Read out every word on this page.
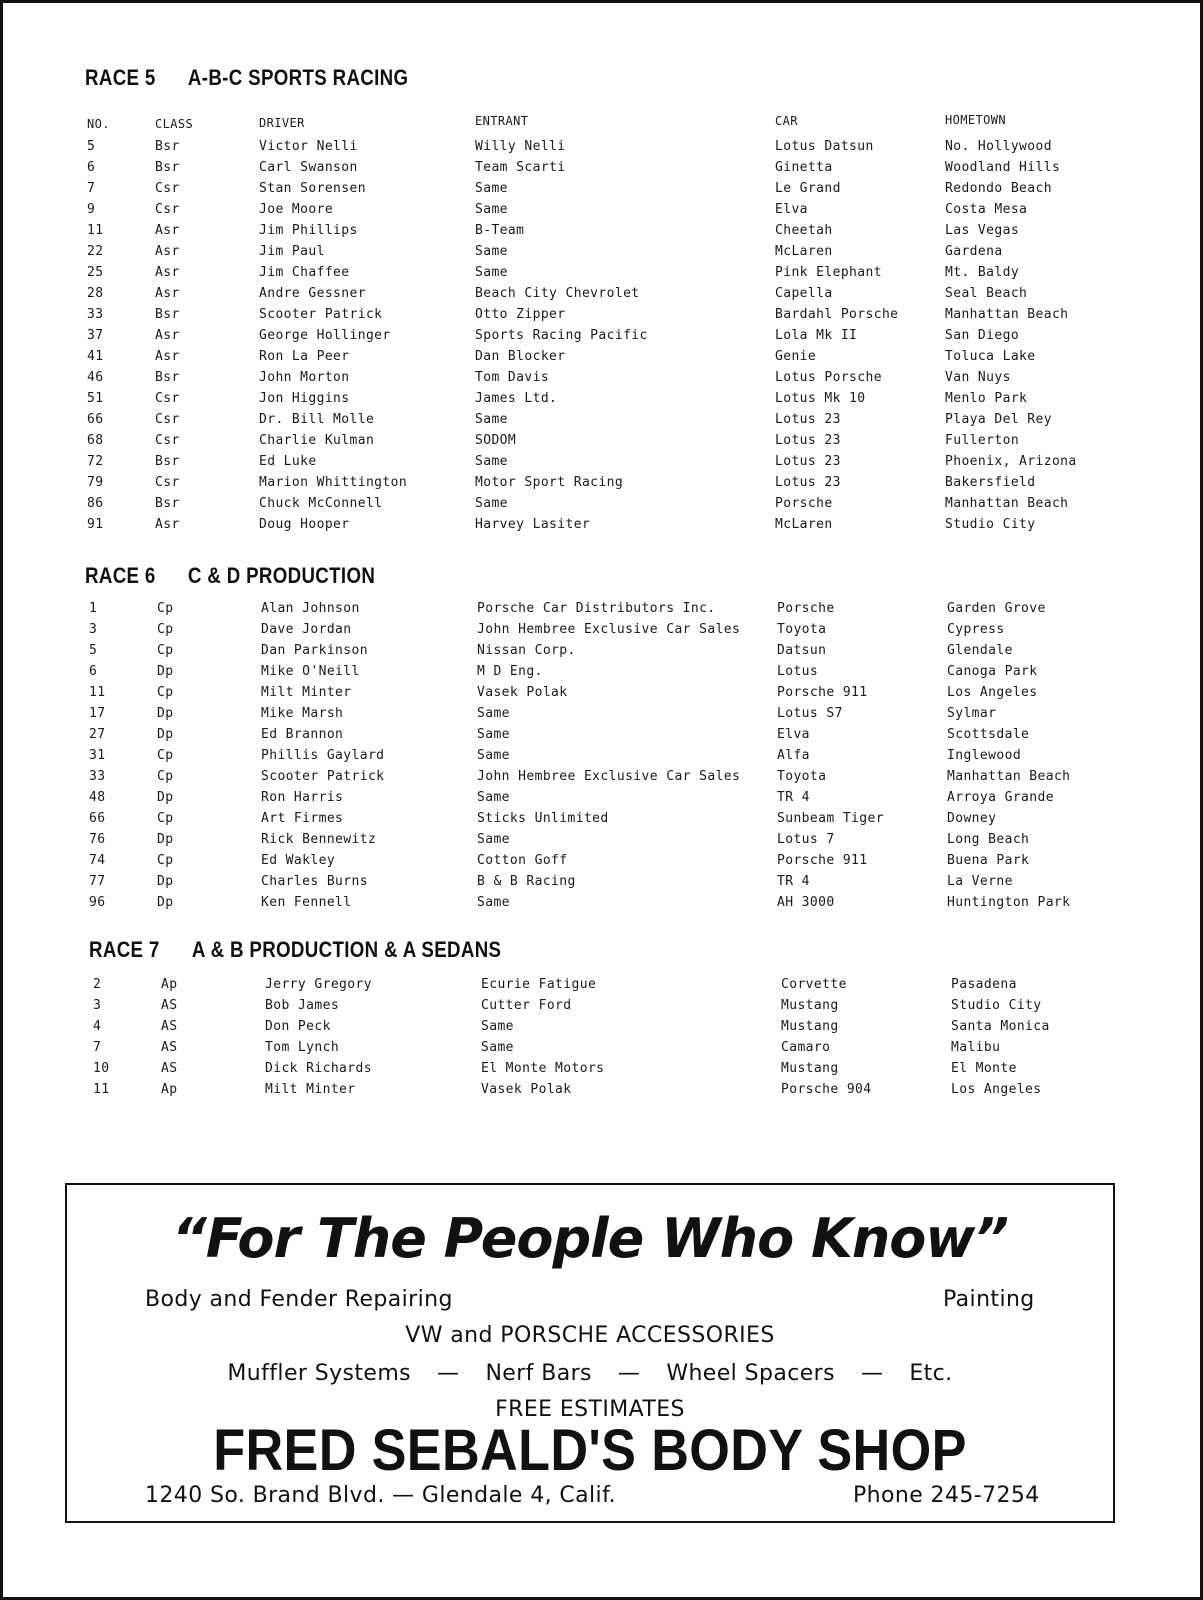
RACE 5 A-B-C SPORTS RACING
NO.	CLASS	DRIVER	ENTRANT	CAR	HOMETOWN
5	Bsr	Victor Nelli	Willy Nelli	Lotus Datsun	No. Hollywood
6	Bsr	Carl Swanson	Team Scarti	Ginetta	Woodland Hills
7	Csr	Stan Sorensen	Same	Le Grand	Redondo Beach
9	Csr	Joe Moore	Same	Elva	Costa Mesa
11	Asr	Jim Phillips	B-Team	Cheetah	Las Vegas
22	Asr	Jim Paul	Same	McLaren	Gardena
25	Asr	Jim Chaffee	Same	Pink Elephant	Mt. Baldy
28	Asr	Andre Gessner	Beach City Chevrolet	Capella	Seal Beach
33	Bsr	Scooter Patrick	Otto Zipper	Bardahl Porsche	Manhattan Beach
37	Asr	George Hollinger	Sports Racing Pacific	Lola Mk II	San Diego
41	Asr	Ron La Peer	Dan Blocker	Genie	Toluca Lake
46	Bsr	John Morton	Tom Davis	Lotus Porsche	Van Nuys
51	Csr	Jon Higgins	James Ltd.	Lotus Mk 10	Menlo Park
66	Csr	Dr. Bill Molle	Same	Lotus 23	Playa Del Rey
68	Csr	Charlie Kulman	SODOM	Lotus 23	Fullerton
72	Bsr	Ed Luke	Same	Lotus 23	Phoenix, Arizona
79	Csr	Marion Whittington	Motor Sport Racing	Lotus 23	Bakersfield
86	Bsr	Chuck McConnell	Same	Porsche	Manhattan Beach
91	Asr	Doug Hooper	Harvey Lasiter	McLaren	Studio City
RACE 6 C & D PRODUCTION
1	Cp	Alan Johnson	Porsche Car Distributors Inc.	Porsche	Garden Grove
3	Cp	Dave Jordan	John Hembree Exclusive Car Sales	Toyota	Cypress
5	Cp	Dan Parkinson	Nissan Corp.	Datsun	Glendale
6	Dp	Mike O'Neill	M D Eng.	Lotus	Canoga Park
11	Cp	Milt Minter	Vasek Polak	Porsche 911	Los Angeles
17	Dp	Mike Marsh	Same	Lotus S7	Sylmar
27	Dp	Ed Brannon	Same	Elva	Scottsdale
31	Cp	Phillis Gaylard	Same	Alfa	Inglewood
33	Cp	Scooter Patrick	John Hembree Exclusive Car Sales	Toyota	Manhattan Beach
48	Dp	Ron Harris	Same	TR 4	Arroya Grande
66	Cp	Art Firmes	Sticks Unlimited	Sunbeam Tiger	Downey
76	Dp	Rick Bennewitz	Same	Lotus 7	Long Beach
74	Cp	Ed Wakley	Cotton Goff	Porsche 911	Buena Park
77	Dp	Charles Burns	B & B Racing	TR 4	La Verne
96	Dp	Ken Fennell	Same	AH 3000	Huntington Park
RACE 7 A & B PRODUCTION & A SEDANS
2	Ap	Jerry Gregory	Ecurie Fatigue	Corvette	Pasadena
3	AS	Bob James	Cutter Ford	Mustang	Studio City
4	AS	Don Peck	Same	Mustang	Santa Monica
7	AS	Tom Lynch	Same	Camaro	Malibu
10	AS	Dick Richards	El Monte Motors	Mustang	El Monte
11	Ap	Milt Minter	Vasek Polak	Porsche 904	Los Angeles
“For The People Who Know”
Body and Fender Repairing	Painting
VW and PORSCHE ACCESSORIES
Muffler Systems — Nerf Bars — Wheel Spacers — Etc.
FREE ESTIMATES
FRED SEBALD'S BODY SHOP
1240 So. Brand Blvd. — Glendale 4, Calif.	Phone 245-7254
